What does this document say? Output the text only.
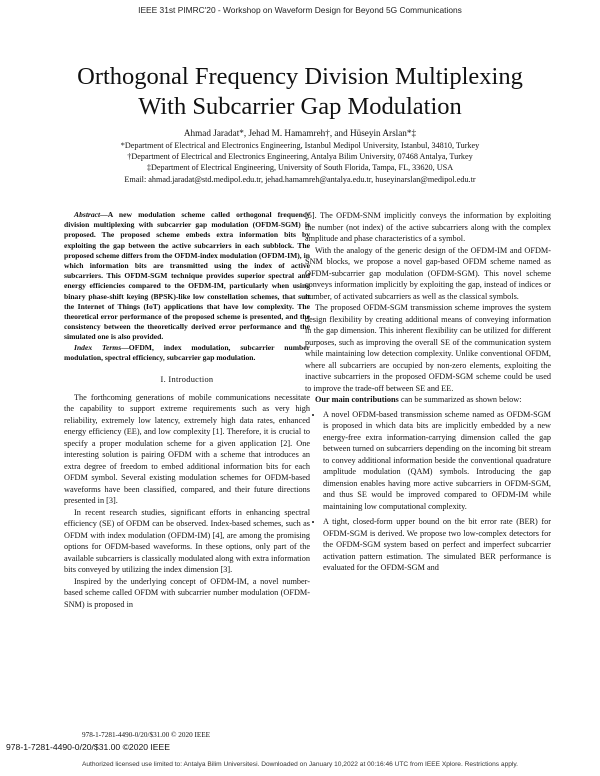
IEEE 31st PIMRC'20 - Workshop on Waveform Design for Beyond 5G Communications
Orthogonal Frequency Division Multiplexing
With Subcarrier Gap Modulation
Ahmad Jaradat*, Jehad M. Hamamreh†, and Hüseyin Arslan*‡
*Department of Electrical and Electronics Engineering, Istanbul Medipol University, Istanbul, 34810, Turkey
†Department of Electrical and Electronics Engineering, Antalya Bilim University, 07468 Antalya, Turkey
‡Department of Electrical Engineering, University of South Florida, Tampa, FL, 33620, USA
Email: ahmad.jaradat@std.medipol.edu.tr, jehad.hamamreh@antalya.edu.tr, huseyinarslan@medipol.edu.tr

Abstract—A new modulation scheme called orthogonal frequency division multiplexing with subcarrier gap modulation (OFDM-SGM) is proposed. The proposed scheme embeds extra information bits by exploiting the gap between the active subcarriers in each subblock. The proposed scheme differs from the OFDM-index modulation (OFDM-IM), in which information bits are transmitted using the index of active subcarriers. This OFDM-SGM technique provides superior spectral and energy efficiencies compared to the OFDM-IM, particularly when using binary phase-shift keying (BPSK)-like low constellation schemes, that suit the Internet of Things (IoT) applications that have low complexity. The theoretical error performance of the proposed scheme is presented, and the consistency between the theoretically derived error performance and the simulated one is also provided.

Index Terms—OFDM, index modulation, subcarrier number modulation, spectral efficiency, subcarrier gap modulation.

I. Introduction

The forthcoming generations of mobile communications necessitate the capability to support extreme requirements such as very high reliability, extremely low latency, extremely high data rates, enhanced energy efficiency (EE), and low complexity [1]. Therefore, it is crucial to specify a proper modulation scheme for a given application [2]. One interesting solution is pairing OFDM with a scheme that introduces an extra degree of freedom to embed additional information bits for each OFDM symbol. Several existing modulation schemes for OFDM-based waveforms have been classified, compared, and their future directions presented in [3].

In recent research studies, significant efforts in enhancing spectral efficiency (SE) of OFDM can be observed. Index-based schemes, such as OFDM with index modulation (OFDM-IM) [4], are among the promising options for OFDM-based waveforms. In these options, only part of the available subcarriers is classically modulated along with extra information bits conveyed by utilizing the index dimension [3].

Inspired by the underlying concept of OFDM-IM, a novel number-based scheme called OFDM with subcarrier number modulation (OFDM-SNM) is proposed in

[5]. The OFDM-SNM implicitly conveys the information by exploiting the number (not index) of the active subcarriers along with the complex amplitude and phase characteristics of a symbol.

With the analogy of the generic design of the OFDM-IM and OFDM-SNM blocks, we propose a novel gap-based OFDM scheme named as OFDM-subcarrier gap modulation (OFDM-SGM). This novel scheme conveys information implicitly by exploiting the gap, instead of indices or number, of activated subcarriers as well as the classical symbols.

The proposed OFDM-SGM transmission scheme improves the system design flexibility by creating additional means of conveying information in the gap dimension. This inherent flexibility can be utilized for different purposes, such as improving the overall SE of the communication system while maintaining low detection complexity. Unlike conventional OFDM, where all subcarriers are occupied by non-zero elements, exploiting the inactive subcarriers in the proposed OFDM-SGM scheme could be used to improve the trade-off between SE and EE.

Our main contributions can be summarized as shown below:

• A novel OFDM-based transmission scheme named as OFDM-SGM is proposed in which data bits are implicitly embedded by a new energy-free extra information-carrying dimension called the gap between turned on subcarriers depending on the incoming bit stream to convey additional information beside the conventional quadrature amplitude modulation (QAM) symbols. Introducing the gap dimension enables having more active subcarriers in OFDM-SGM, and thus SE would be improved compared to OFDM-IM while maintaining low computational complexity.
• A tight, closed-form upper bound on the bit error rate (BER) for OFDM-SGM is derived. We propose two low-complex detectors for the OFDM-SGM system based on perfect and imperfect subcarrier activation pattern estimation. The simulated BER performance is evaluated for the OFDM-SGM and
978-1-7281-4490-0/20/$31.00 © 2020 IEEE
978-1-7281-4490-0/20/$31.00 ©2020 IEEE
Authorized licensed use limited to: Antalya Bilim Universitesi. Downloaded on January 10,2022 at 00:16:46 UTC from IEEE Xplore. Restrictions apply.
